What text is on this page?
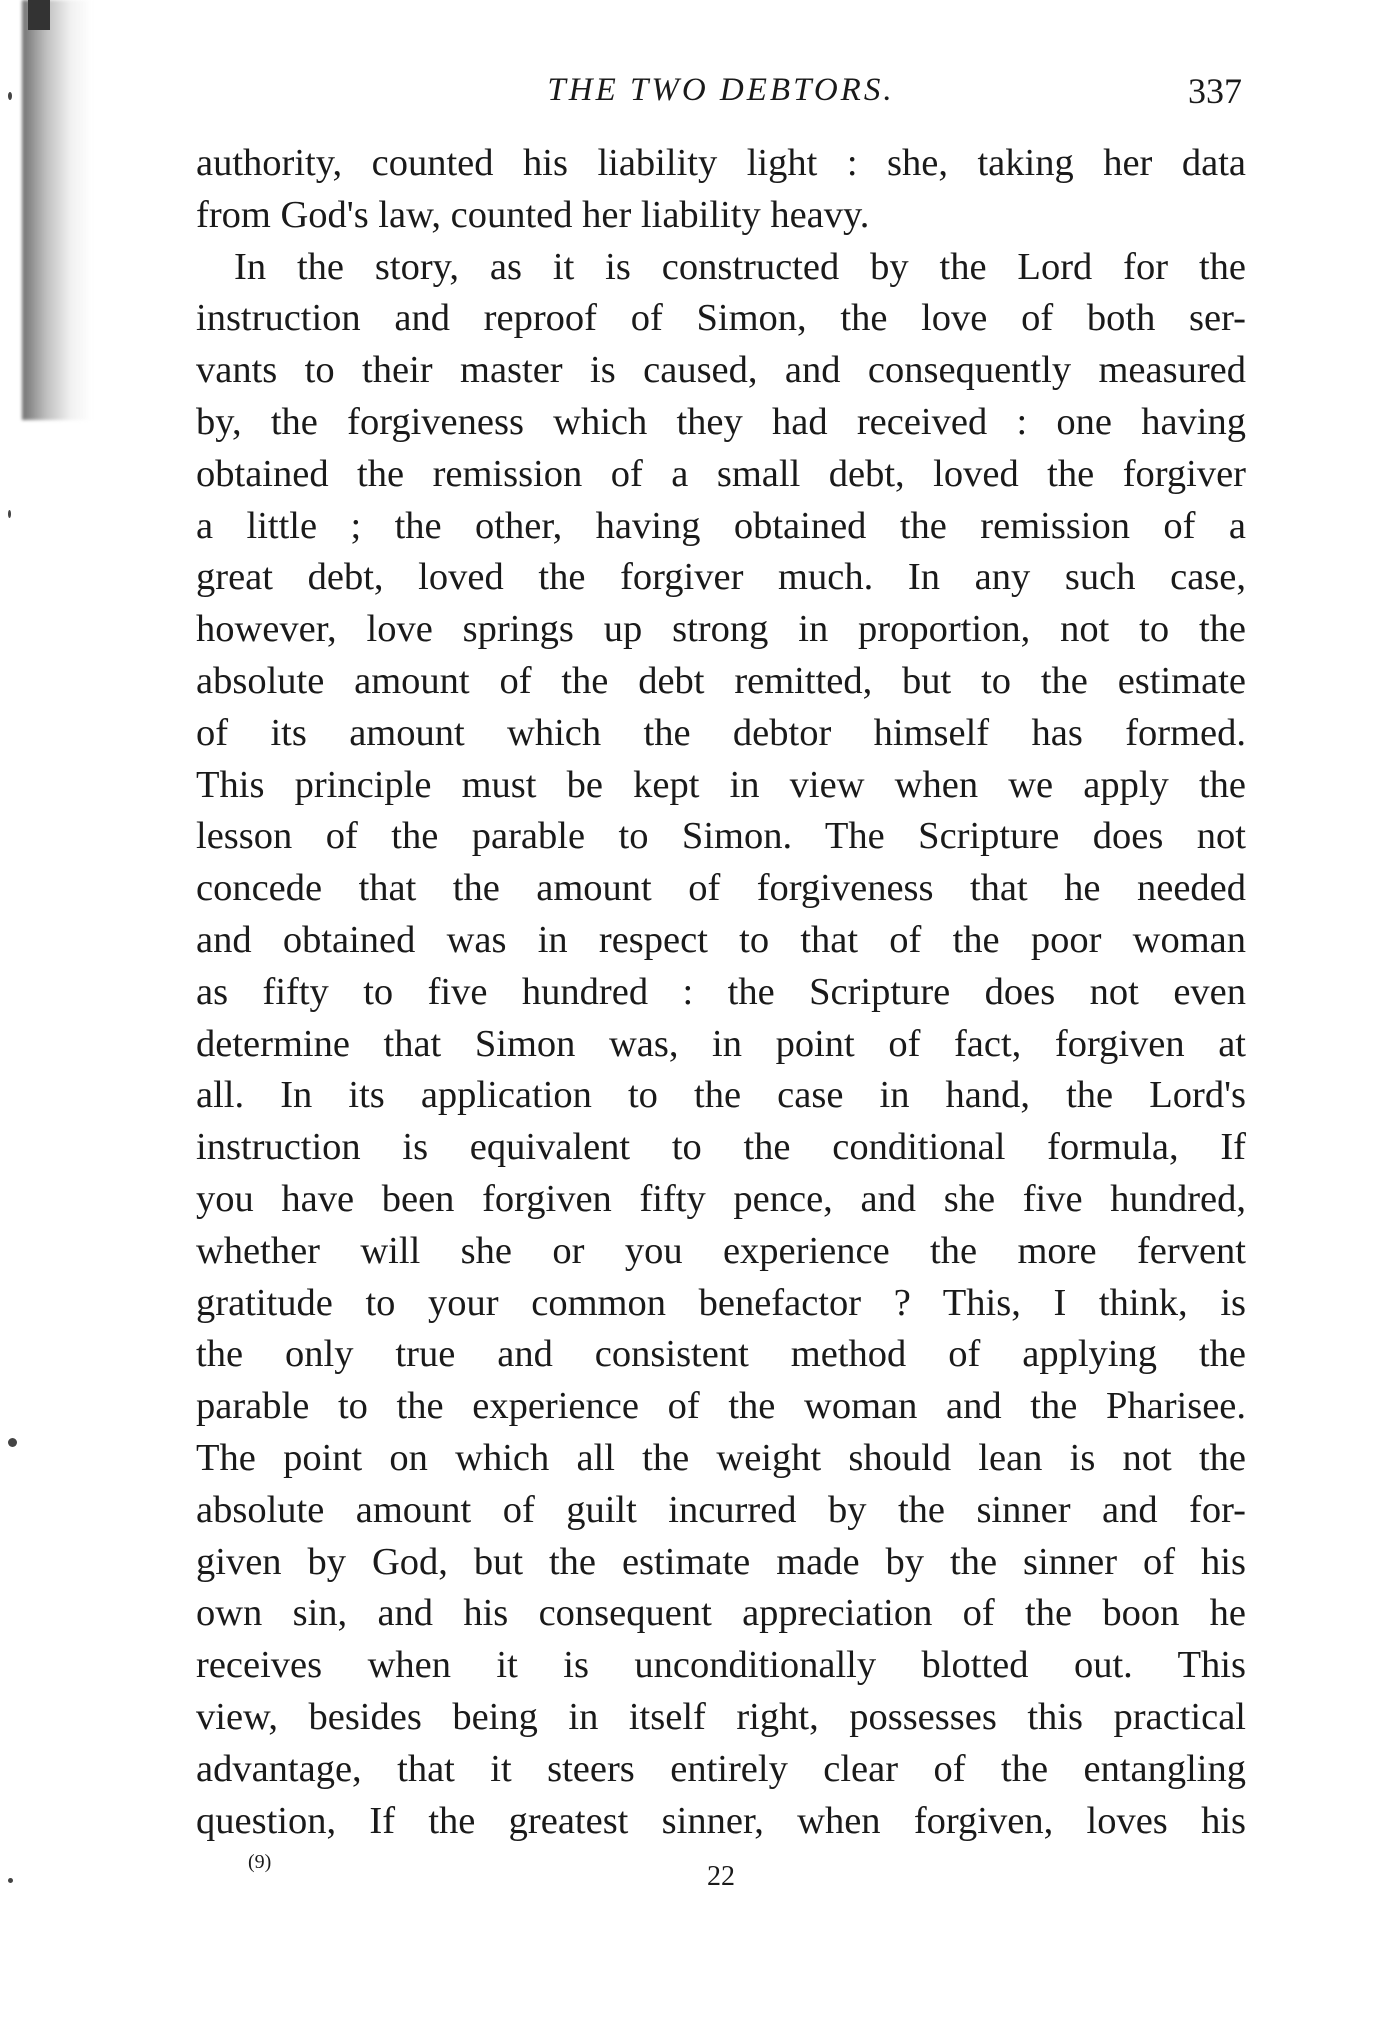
THE TWO DEBTORS.	337
authority, counted his liability light : she, taking her data
from God's law, counted her liability heavy.
In the story, as it is constructed by the Lord for the
instruction and reproof of Simon, the love of both ser-
vants to their master is caused, and consequently measured
by, the forgiveness which they had received : one having
obtained the remission of a small debt, loved the forgiver
a little ; the other, having obtained the remission of a
great debt, loved the forgiver much. In any such case,
however, love springs up strong in proportion, not to the
absolute amount of the debt remitted, but to the estimate
of its amount which the debtor himself has formed.
This principle must be kept in view when we apply the
lesson of the parable to Simon. The Scripture does not
concede that the amount of forgiveness that he needed
and obtained was in respect to that of the poor woman
as fifty to five hundred : the Scripture does not even
determine that Simon was, in point of fact, forgiven at
all. In its application to the case in hand, the Lord's
instruction is equivalent to the conditional formula, If
you have been forgiven fifty pence, and she five hundred,
whether will she or you experience the more fervent
gratitude to your common benefactor ? This, I think, is
the only true and consistent method of applying the
parable to the experience of the woman and the Pharisee.
The point on which all the weight should lean is not the
absolute amount of guilt incurred by the sinner and for-
given by God, but the estimate made by the sinner of his
own sin, and his consequent appreciation of the boon he
receives when it is unconditionally blotted out. This
view, besides being in itself right, possesses this practical
advantage, that it steers entirely clear of the entangling
question, If the greatest sinner, when forgiven, loves his
(9)	22
